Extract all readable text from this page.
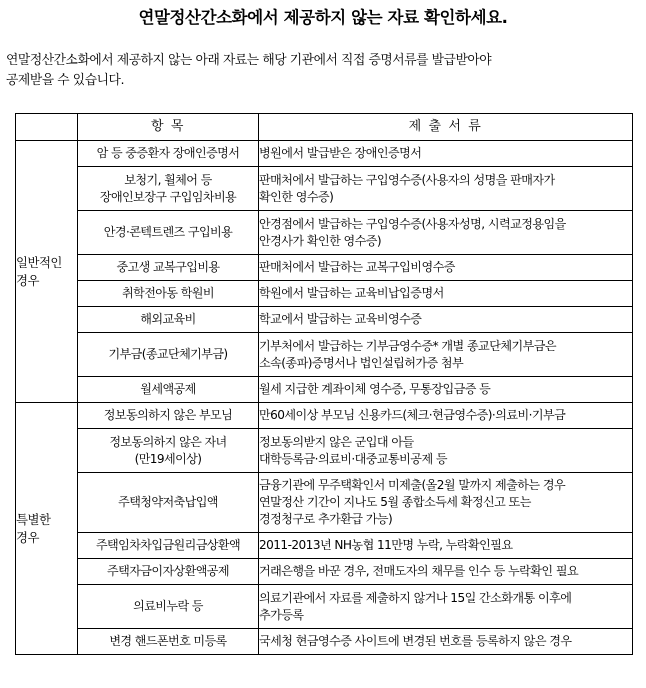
연말정산간소화에서 제공하지 않는 자료 확인하세요.

연말정산간소화에서 제공하지 않는 아래 자료는 해당 기관에서 직접 증명서류를 발급받아야
공제받을 수 있습니다.

	항 목	제 출 서 류

일반적인
경우	암 등 중증환자 장애인증명서	병원에서 발급받은 장애인증명서

	보청기, 휠체어 등
장애인보장구 구입임차비용	판매처에서 발급하는 구입영수증(사용자의 성명을 판매자가
확인한 영수증)

	안경·콘텍트렌즈 구입비용	안경점에서 발급하는 구입영수증(사용자성명, 시력교정용임을
안경사가 확인한 영수증)

	중고생 교복구입비용	판매처에서 발급하는 교복구입비영수증

	취학전아동 학원비	학원에서 발급하는 교육비납입증명서

	해외교육비	학교에서 발급하는 교육비영수증

	기부금(종교단체기부금)	기부처에서 발급하는 기부금영수증* 개별 종교단체기부금은
소속(종파)증명서나 법인설립허가증 첨부

	월세액공제	월세 지급한 계좌이체 영수증, 무통장입금증 등

특별한
경우	정보동의하지 않은 부모님	만60세이상 부모님 신용카드(체크·현금영수증)·의료비·기부금

	정보동의하지 않은 자녀
(만19세이상)	정보동의받지 않은 군입대 아들
대학등록금·의료비·대중교통비공제 등

	주택청약저축납입액	금융기관에 무주택확인서 미제출(올2월 말까지 제출하는 경우
연말정산 기간이 지나도 5월 종합소득세 확정신고 또는
경정청구로 추가환급 가능)

	주택임차차입금원리금상환액	2011-2013년 NH농협 11만명 누락, 누락확인필요

	주택자금이자상환액공제	거래은행을 바꾼 경우, 전매도자의 채무를 인수 등 누락확인 필요

	의료비누락 등	의료기관에서 자료를 제출하지 않거나 15일 간소화개통 이후에
추가등록

	변경 핸드폰번호 미등록	국세청 현금영수증 사이트에 변경된 번호를 등록하지 않은 경우
